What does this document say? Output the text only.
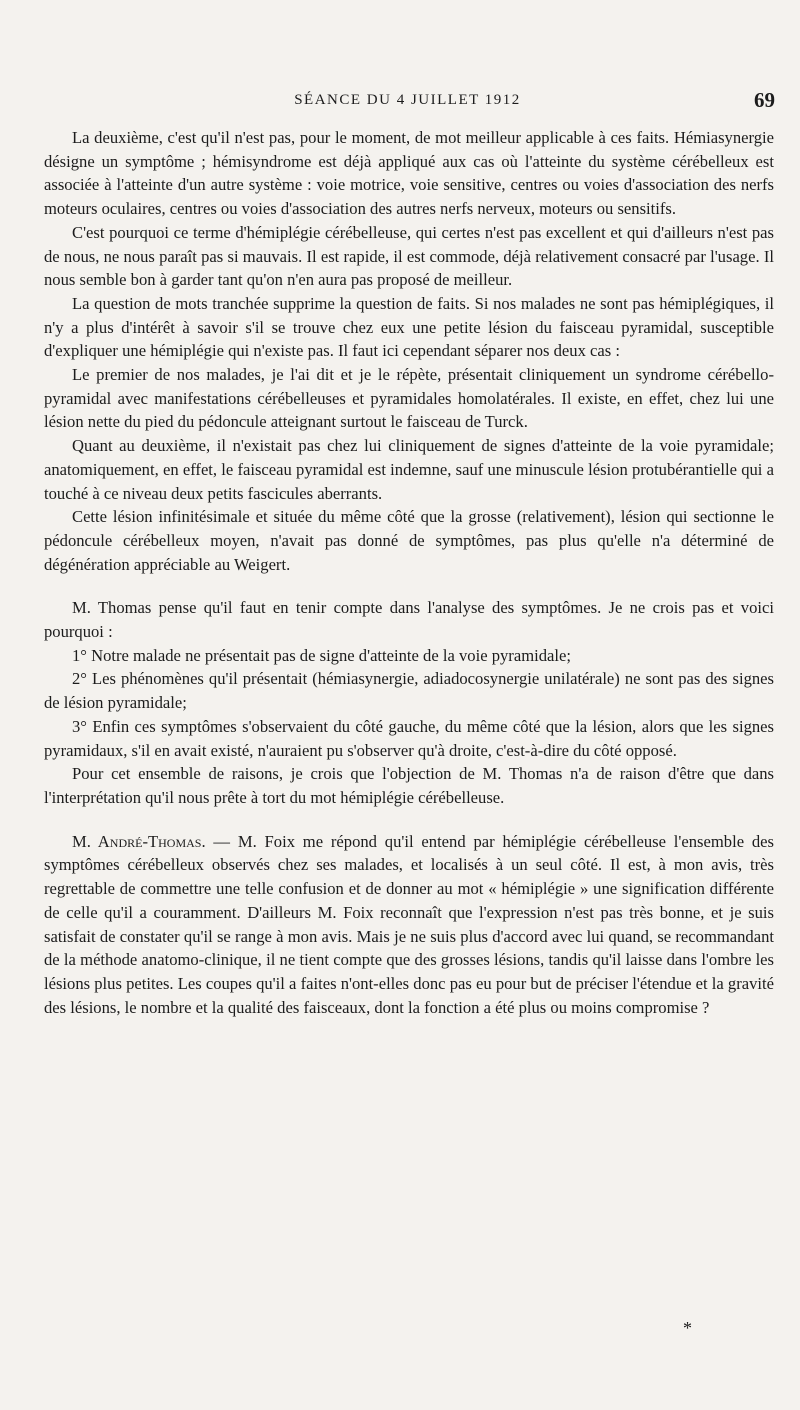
SÉANCE DU 4 JUILLET 1912	69

La deuxième, c'est qu'il n'est pas, pour le moment, de mot meilleur applicable à ces faits. Hémiasynergie désigne un symptôme ; hémisyndrome est déjà appliqué aux cas où l'atteinte du système cérébelleux est associée à l'atteinte d'un autre système : voie motrice, voie sensitive, centres ou voies d'association des nerfs moteurs oculaires, centres ou voies d'association des autres nerfs nerveux, moteurs ou sensitifs.

C'est pourquoi ce terme d'hémiplégie cérébelleuse, qui certes n'est pas excellent et qui d'ailleurs n'est pas de nous, ne nous paraît pas si mauvais. Il est rapide, il est commode, déjà relativement consacré par l'usage. Il nous semble bon à garder tant qu'on n'en aura pas proposé de meilleur.

La question de mots tranchée supprime la question de faits. Si nos malades ne sont pas hémiplégiques, il n'y a plus d'intérêt à savoir s'il se trouve chez eux une petite lésion du faisceau pyramidal, susceptible d'expliquer une hémiplégie qui n'existe pas. Il faut ici cependant séparer nos deux cas :

Le premier de nos malades, je l'ai dit et je le répète, présentait cliniquement un syndrome cérébello-pyramidal avec manifestations cérébelleuses et pyramidales homolatérales. Il existe, en effet, chez lui une lésion nette du pied du pédoncule atteignant surtout le faisceau de Turck.

Quant au deuxième, il n'existait pas chez lui cliniquement de signes d'atteinte de la voie pyramidale; anatomiquement, en effet, le faisceau pyramidal est indemne, sauf une minuscule lésion protubérantielle qui a touché à ce niveau deux petits fascicules aberrants.

Cette lésion infinitésimale et située du même côté que la grosse (relativement), lésion qui sectionne le pédoncule cérébelleux moyen, n'avait pas donné de symptômes, pas plus qu'elle n'a déterminé de dégénération appréciable au Weigert.

M. Thomas pense qu'il faut en tenir compte dans l'analyse des symptômes. Je ne crois pas et voici pourquoi :

1° Notre malade ne présentait pas de signe d'atteinte de la voie pyramidale;

2° Les phénomènes qu'il présentait (hémiasynergie, adiadocosynergie unilatérale) ne sont pas des signes de lésion pyramidale;

3° Enfin ces symptômes s'observaient du côté gauche, du même côté que la lésion, alors que les signes pyramidaux, s'il en avait existé, n'auraient pu s'observer qu'à droite, c'est-à-dire du côté opposé.

Pour cet ensemble de raisons, je crois que l'objection de M. Thomas n'a de raison d'être que dans l'interprétation qu'il nous prête à tort du mot hémiplégie cérébelleuse.

M. André-Thomas. — M. Foix me répond qu'il entend par hémiplégie cérébelleuse l'ensemble des symptômes cérébelleux observés chez ses malades, et localisés à un seul côté. Il est, à mon avis, très regrettable de commettre une telle confusion et de donner au mot « hémiplégie » une signification différente de celle qu'il a couramment. D'ailleurs M. Foix reconnaît que l'expression n'est pas très bonne, et je suis satisfait de constater qu'il se range à mon avis. Mais je ne suis plus d'accord avec lui quand, se recommandant de la méthode anatomo-clinique, il ne tient compte que des grosses lésions, tandis qu'il laisse dans l'ombre les lésions plus petites. Les coupes qu'il a faites n'ont-elles donc pas eu pour but de préciser l'étendue et la gravité des lésions, le nombre et la qualité des faisceaux, dont la fonction a été plus ou moins compromise ?

*
